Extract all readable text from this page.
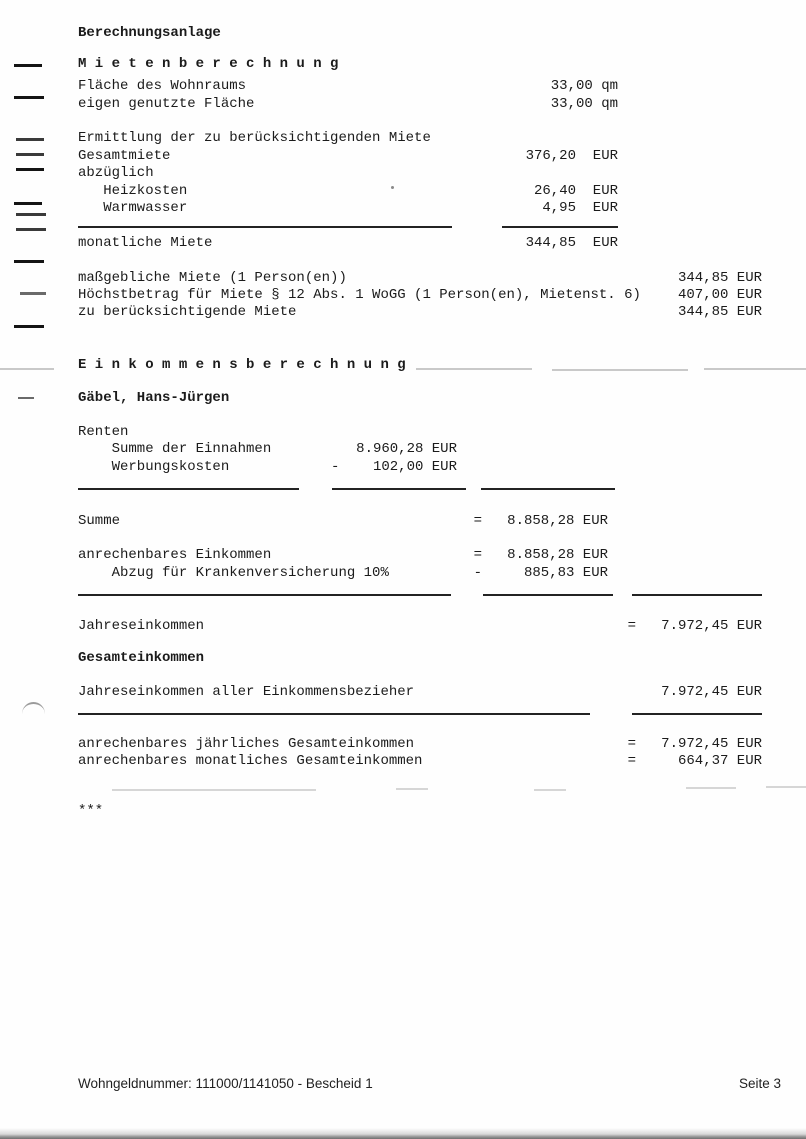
Berechnungsanlage
M i e t e n b e r e c h n u n g
Fläche des Wohnraums	33,00 qm
eigen genutzte Fläche	33,00 qm
Ermittlung der zu berücksichtigenden Miete
Gesamtmiete	376,20  EUR
abzüglich
Heizkosten	26,40  EUR
Warmwasser	4,95  EUR
monatliche Miete	344,85  EUR
maßgebliche Miete (1 Person(en))	344,85 EUR
Höchstbetrag für Miete § 12 Abs. 1 WoGG (1 Person(en), Mietenst. 6)	407,00 EUR
zu berücksichtigende Miete	344,85 EUR
E i n k o m m e n s b e r e c h n u n g
Gäbel, Hans-Jürgen
Renten
Summe der Einnahmen	8.960,28 EUR
Werbungskosten	-    102,00 EUR
Summe	=   8.858,28 EUR
anrechenbares Einkommen	=   8.858,28 EUR
Abzug für Krankenversicherung 10%	-     885,83 EUR
Jahreseinkommen	=   7.972,45 EUR
Gesamteinkommen
Jahreseinkommen aller Einkommensbezieher	7.972,45 EUR
anrechenbares jährliches Gesamteinkommen	=   7.972,45 EUR
anrechenbares monatliches Gesamteinkommen	=     664,37 EUR
***
Wohngeldnummer: 111000/1141050 - Bescheid 1	Seite 3
